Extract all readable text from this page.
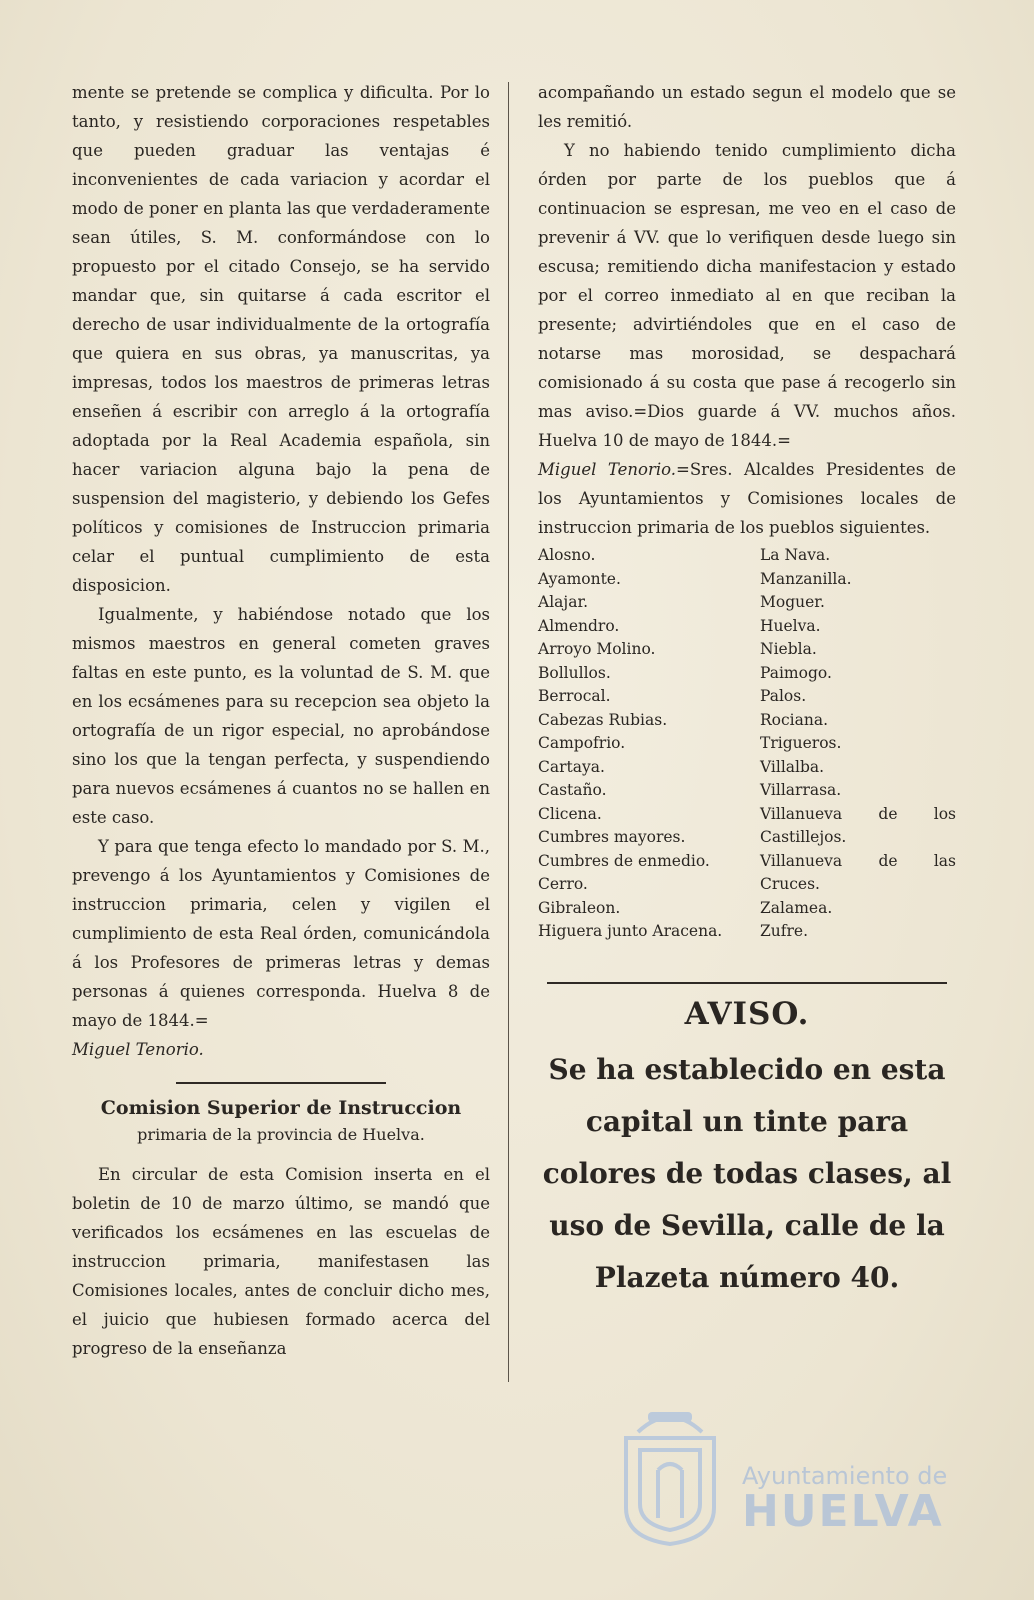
mente se pretende se complica y dificulta. Por lo tanto, y resistiendo corporaciones respetables que pueden graduar las ventajas é inconvenientes de cada variacion y acordar el modo de poner en planta las que verdaderamente sean útiles, S. M. conformándose con lo propuesto por el citado Consejo, se ha servido mandar que, sin quitarse á cada escritor el derecho de usar individualmente de la ortografía que quiera en sus obras, ya manuscritas, ya impresas, todos los maestros de primeras letras enseñen á escribir con arreglo á la ortografía adoptada por la Real Academia española, sin hacer variacion alguna bajo la pena de suspension del magisterio, y debiendo los Gefes políticos y comisiones de Instruccion primaria celar el puntual cumplimiento de esta disposicion.

Igualmente, y habiéndose notado que los mismos maestros en general cometen graves faltas en este punto, es la voluntad de S. M. que en los ecsámenes para su recepcion sea objeto la ortografía de un rigor especial, no aprobándose sino los que la tengan perfecta, y suspendiendo para nuevos ecsámenes á cuantos no se hallen en este caso.

Y para que tenga efecto lo mandado por S. M., prevengo á los Ayuntamientos y Comisiones de instruccion primaria, celen y vigilen el cumplimiento de esta Real órden, comunicándola á los Profesores de primeras letras y demas personas á quienes corresponda. Huelva 8 de mayo de 1844.=

Miguel Tenorio.

Comision Superior de Instruccion
primaria de la provincia de Huelva.

En circular de esta Comision inserta en el boletin de 10 de marzo último, se mandó que verificados los ecsámenes en las escuelas de instruccion primaria, manifestasen las Comisiones locales, antes de concluir dicho mes, el juicio que hubiesen formado acerca del progreso de la enseñanza

acompañando un estado segun el modelo que se les remitió.

Y no habiendo tenido cumplimiento dicha órden por parte de los pueblos que á continuacion se espresan, me veo en el caso de prevenir á VV. que lo verifiquen desde luego sin escusa; remitiendo dicha manifestacion y estado por el correo inmediato al en que reciban la presente; advirtiéndoles que en el caso de notarse mas morosidad, se despachará comisionado á su costa que pase á recogerlo sin mas aviso.=Dios guarde á VV. muchos años. Huelva 10 de mayo de 1844.=

Miguel Tenorio.=Sres. Alcaldes Presidentes de los Ayuntamientos y Comisiones locales de instruccion primaria de los pueblos siguientes.

Alosno.
Ayamonte.
Alajar.
Almendro.
Arroyo Molino.
Bollullos.
Berrocal.
Cabezas Rubias.
Campofrio.
Cartaya.
Castaño.
Clicena.
Cumbres mayores.
Cumbres de enmedio.
Cerro.
Gibraleon.
Higuera junto Aracena.
La Nava.
Manzanilla.
Moguer.
Huelva.
Niebla.
Paimogo.
Palos.
Rociana.
Trigueros.
Villalba.
Villarrasa.
Villanueva de los Castillejos.
Villanueva de las Cruces.
Zalamea.
Zufre.
AVISO.
Se ha establecido en esta capital un tinte para colores de todas clases, al uso de Sevilla, calle de la Plazeta número 40.
Ayuntamiento de
HUELVA
